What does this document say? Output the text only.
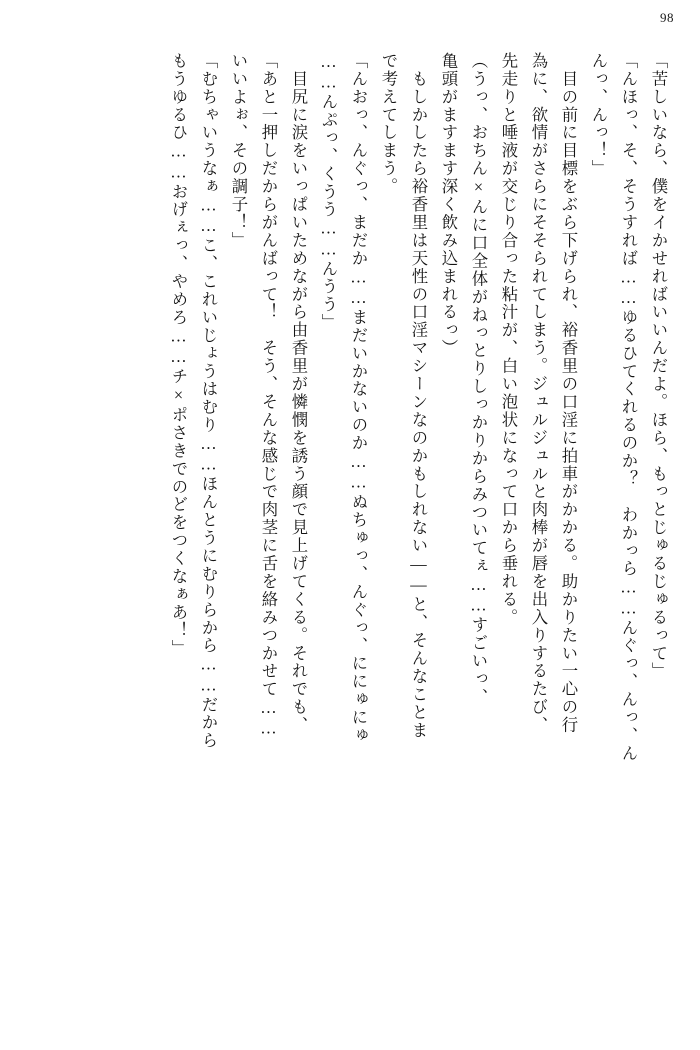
98
「苦しいなら、僕をイかせればいいんだよ。ほら、もっとじゅるじゅるって」
「んほっ、そ、そうすれば……ゆるひてくれるのか？　わかっら……んぐっ、んっ、ん
んっ、んっ！」
　目の前に目標をぶら下げられ、裕香里の口淫に拍車がかかる。助かりたい一心の行
為に、欲情がさらにそそられてしまう。ジュルジュルと肉棒が唇を出入りするたび、
先走りと唾液が交じり合った粘汁が、白い泡状になって口から垂れる。
（うっ、おちん×んに口全体がねっとりしっかりからみついてぇ……すごいっ、
亀頭がますます深く飲み込まれるっ）
　もしかしたら裕香里は天性の口淫マシーンなのかもしれない——と、そんなことま
で考えてしまう。
「んおっ、んぐっ、まだか……まだいかないのか……ぬちゅっ、んぐっ、ににゅにゅ
……んぷっ、くうう……んうう」
　目尻に涙をいっぱいためながら由香里が憐憫を誘う顔で見上げてくる。それでも、
「あと一押しだからがんばって！　そう、そんな感じで肉茎に舌を絡みつかせて……
いいよぉ、その調子！」
「むちゃいうなぁ……こ、これいじょうはむり……ほんとうにむりらから……だから
もうゆるひ……おげぇっ、やめろ……チ×ポさきでのどをつくなぁあ！」
